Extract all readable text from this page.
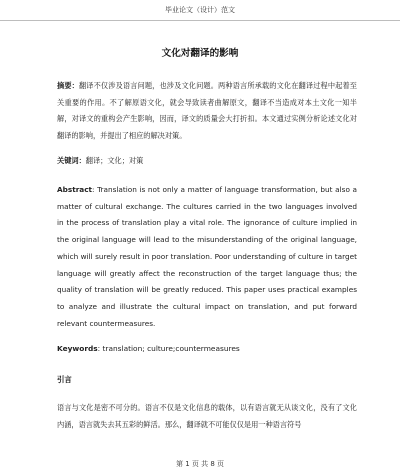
毕业论文（设计）范文
文化对翻译的影响
摘要：翻译不仅涉及语言问题，也涉及文化问题。两种语言所承载的文化在翻译过程中起着至关重要的作用。不了解原语文化，就会导致读者曲解原文，翻译不当造成对本土文化一知半解，对译文的重构会产生影响，因而，译文的质量会大打折扣。本文通过实例分析论述文化对翻译的影响，并提出了相应的解决对策。
关键词：翻译；文化；对策
Abstract: Translation is not only a matter of language transformation, but also a matter of cultural exchange. The cultures carried in the two languages involved in the process of translation play a vital role. The ignorance of culture implied in the original language will lead to the misunderstanding of the original language, which will surely result in poor translation. Poor understanding of culture in target language will greatly affect the reconstruction of the target language thus; the quality of translation will be greatly reduced. This paper uses practical examples to analyze and illustrate the cultural impact on translation, and put forward relevant countermeasures.
Keywords: translation; culture;countermeasures
引言
语言与文化是密不可分的。语言不仅是文化信息的载体，以有语言就无从谈文化，没有了文化内涵，语言就失去其五彩的鲜活。那么，翻译就不可能仅仅是用一种语言符号
第 1 页 共 8 页
